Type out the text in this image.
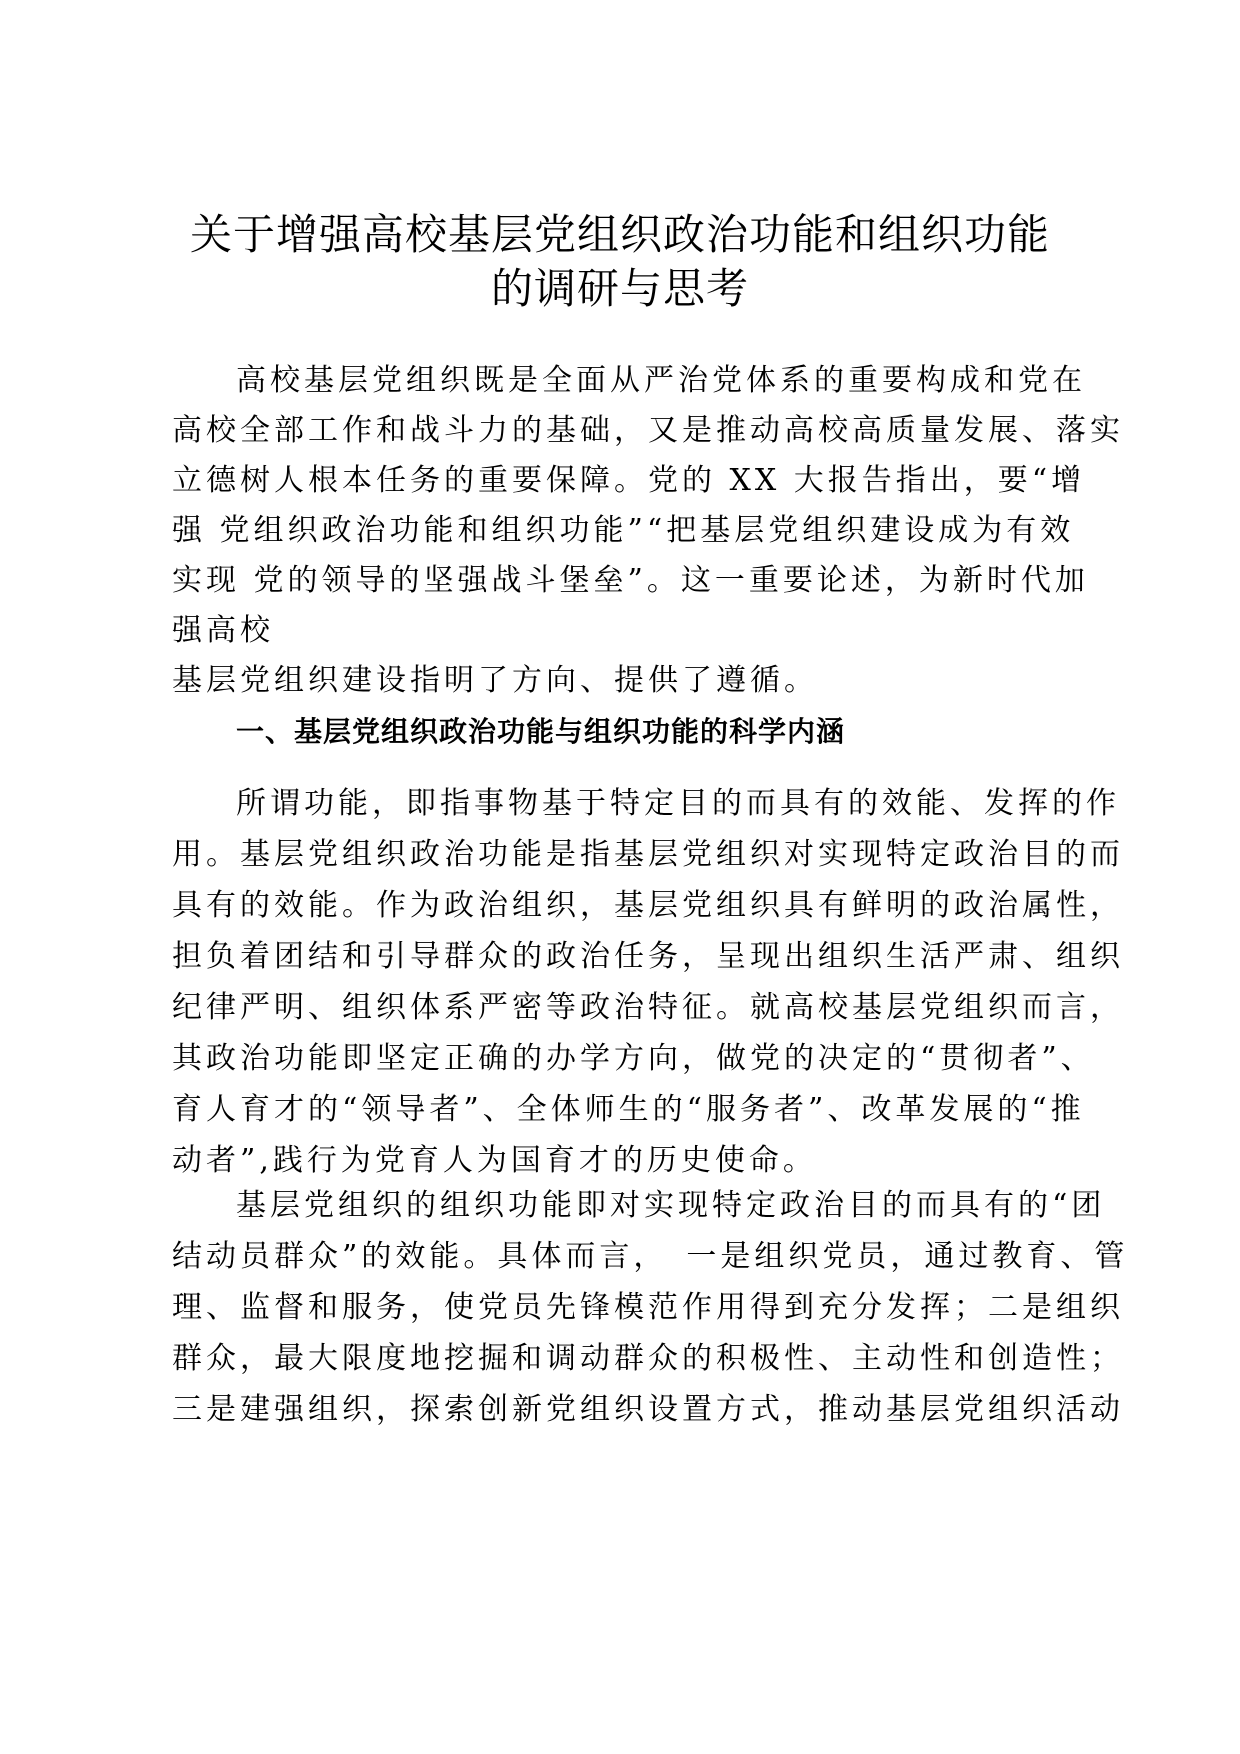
关于增强高校基层党组织政治功能和组织功能
的调研与思考
高校基层党组织既是全面从严治党体系的重要构成和党在
高校全部工作和战斗力的基础，又是推动高校高质量发展、落实
立德树人根本任务的重要保障。党的 XX 大报告指出，要“增
强 党组织政治功能和组织功能”“把基层党组织建设成为有效
实现 党的领导的坚强战斗堡垒”。这一重要论述，为新时代加
强高校
基层党组织建设指明了方向、提供了遵循。
一、基层党组织政治功能与组织功能的科学内涵
所谓功能，即指事物基于特定目的而具有的效能、发挥的作
用。基层党组织政治功能是指基层党组织对实现特定政治目的而
具有的效能。作为政治组织，基层党组织具有鲜明的政治属性，
担负着团结和引导群众的政治任务，呈现出组织生活严肃、组织
纪律严明、组织体系严密等政治特征。就高校基层党组织而言，
其政治功能即坚定正确的办学方向，做党的决定的“贯彻者”、
育人育才的“领导者”、全体师生的“服务者”、改革发展的“推
动者”,践行为党育人为国育才的历史使命。
基层党组织的组织功能即对实现特定政治目的而具有的“团
结动员群众”的效能。具体而言，　一是组织党员，通过教育、管
理、监督和服务，使党员先锋模范作用得到充分发挥；二是组织
群众，最大限度地挖掘和调动群众的积极性、主动性和创造性；
三是建强组织，探索创新党组织设置方式，推动基层党组织活动
